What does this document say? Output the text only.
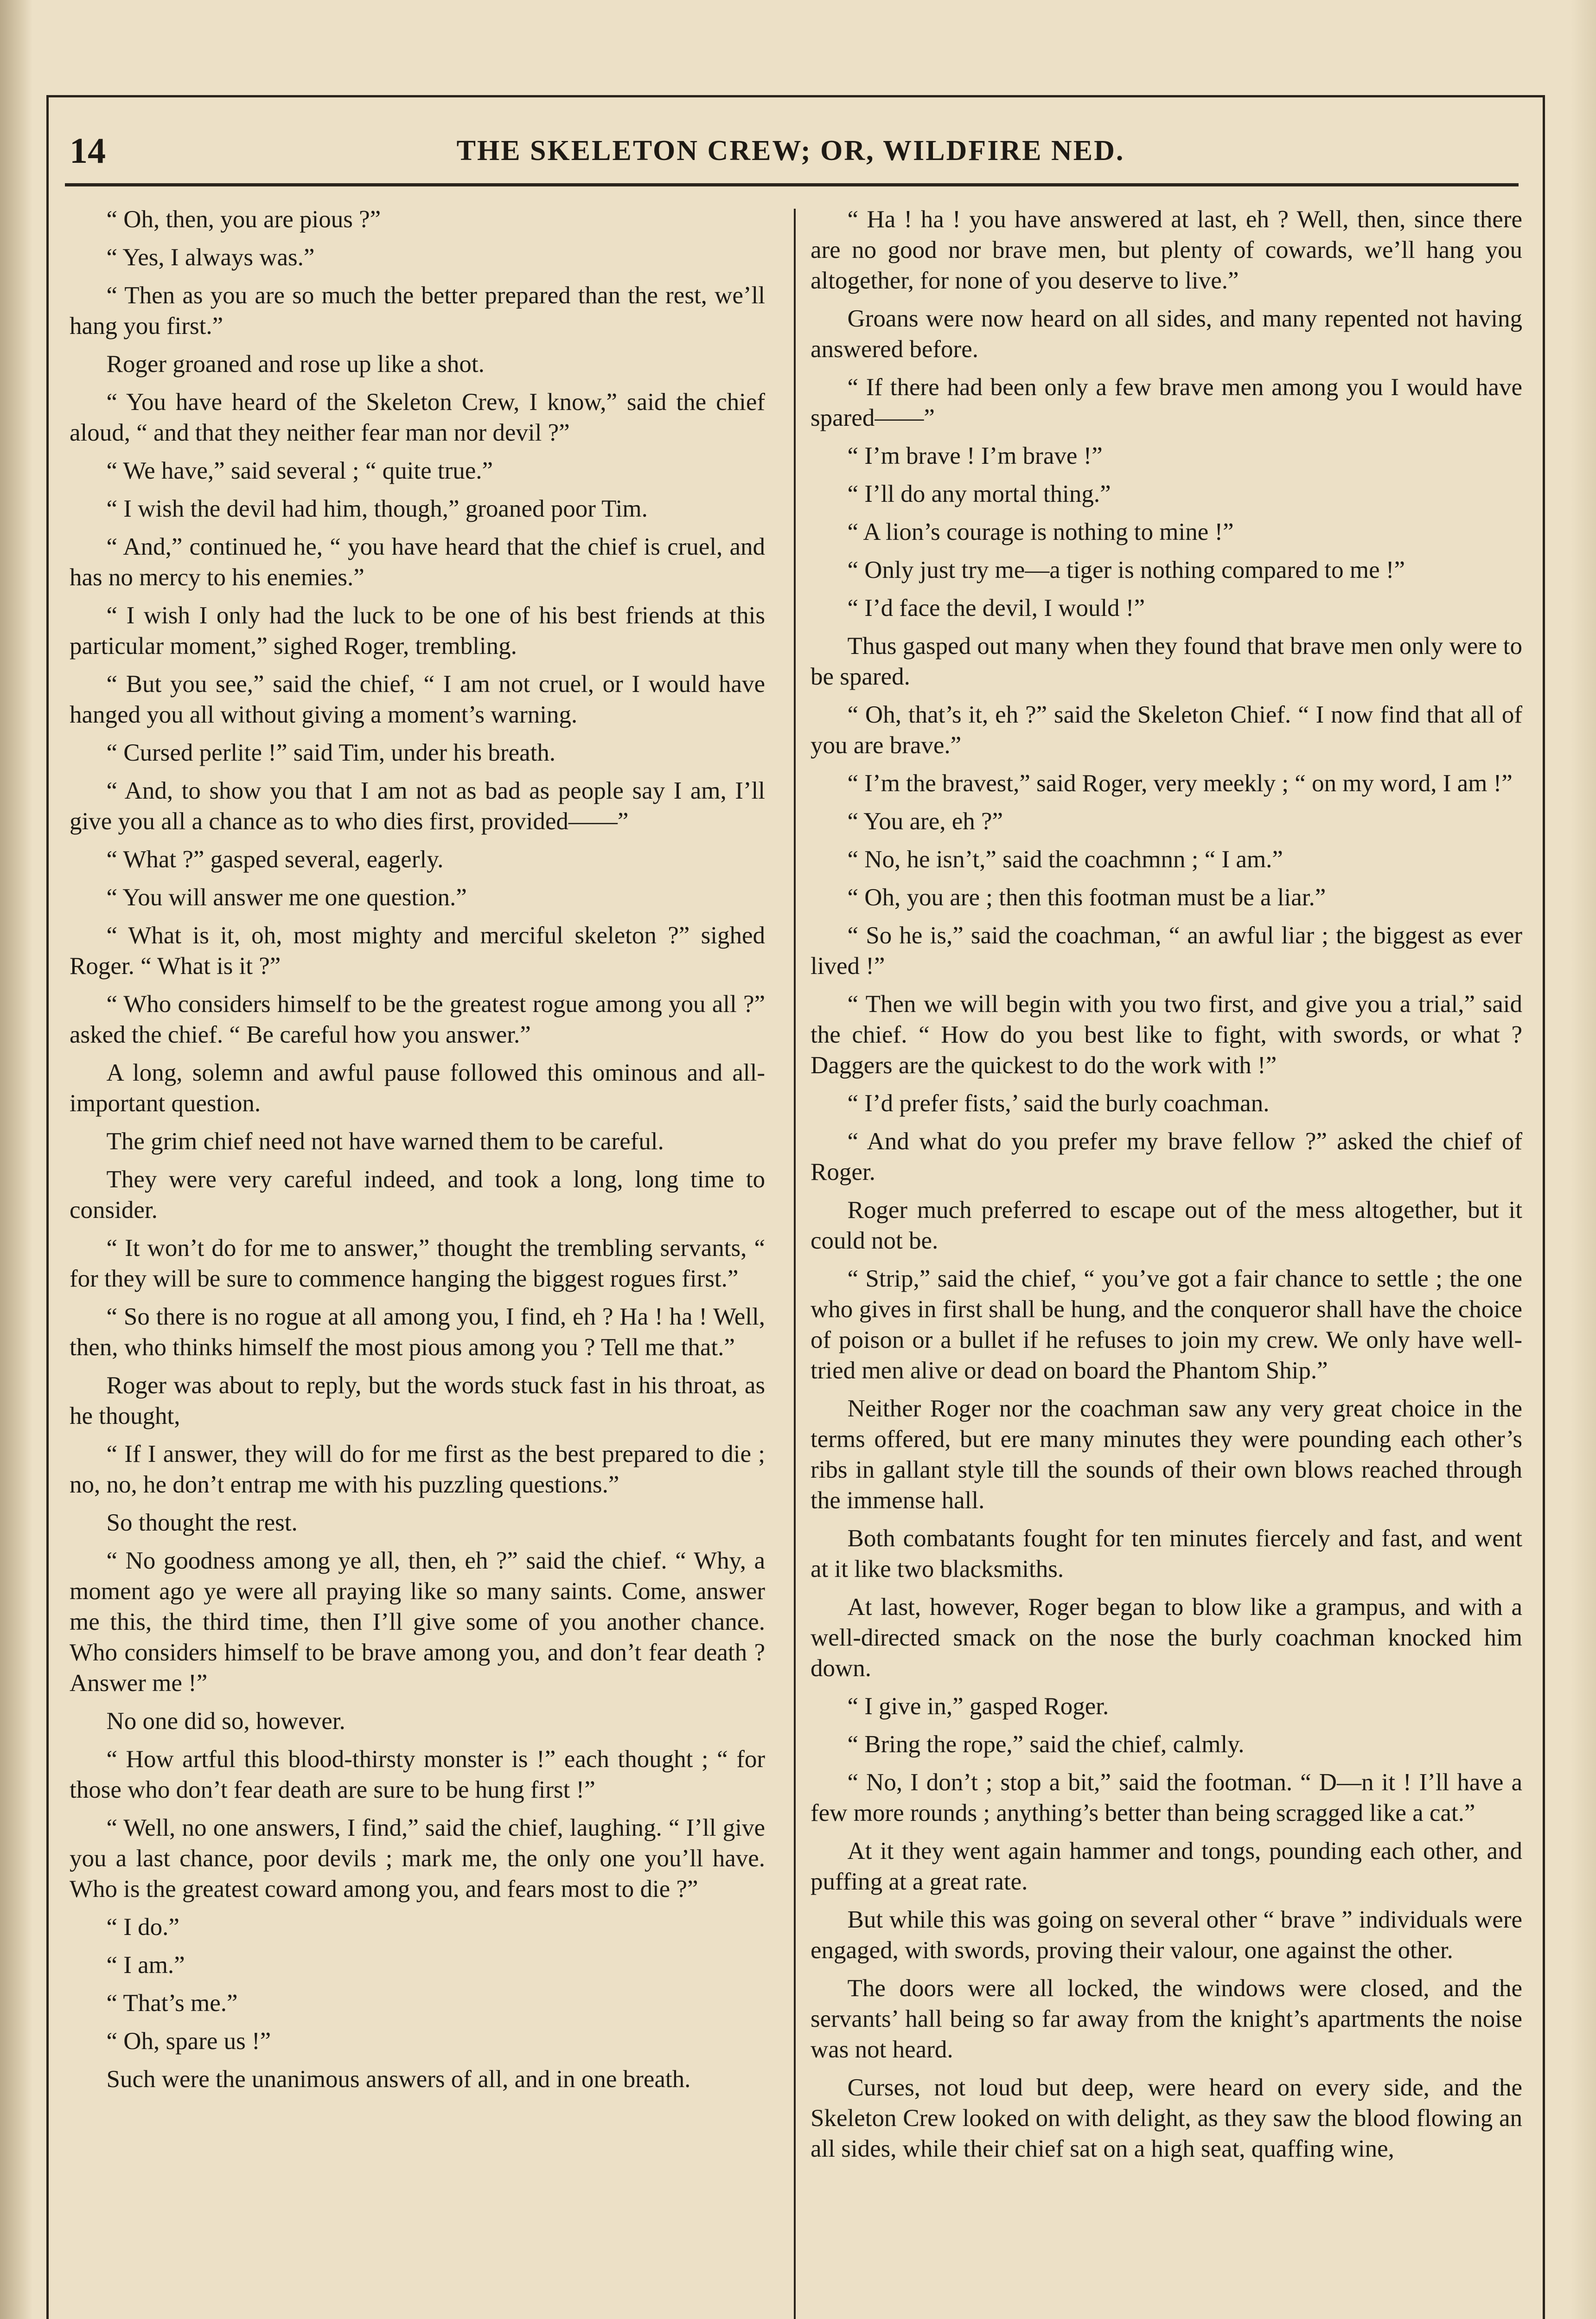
14	THE SKELETON CREW; OR, WILDFIRE NED.

“ Oh, then, you are pious ?”

“ Yes, I always was.”

“ Then as you are so much the better prepared than the rest, we’ll hang you first.”

Roger groaned and rose up like a shot.

“ You have heard of the Skeleton Crew, I know,” said the chief aloud, “ and that they neither fear man nor devil ?”

“ We have,” said several ; “ quite true.”

“ I wish the devil had him, though,” groaned poor Tim.

“ And,” continued he, “ you have heard that the chief is cruel, and has no mercy to his enemies.”

“ I wish I only had the luck to be one of his best friends at this particular moment,” sighed Roger, trembling.

“ But you see,” said the chief, “ I am not cruel, or I would have hanged you all without giving a moment’s warning.

“ Cursed perlite !” said Tim, under his breath.

“ And, to show you that I am not as bad as people say I am, I’ll give you all a chance as to who dies first, provided——”

“ What ?” gasped several, eagerly.

“ You will answer me one question.”

“ What is it, oh, most mighty and merciful skeleton ?” sighed Roger. “ What is it ?”

“ Who considers himself to be the greatest rogue among you all ?” asked the chief. “ Be careful how you answer.”

A long, solemn and awful pause followed this ominous and all-important question.

The grim chief need not have warned them to be careful.

They were very careful indeed, and took a long, long time to consider.

“ It won’t do for me to answer,” thought the trembling servants, “ for they will be sure to commence hanging the biggest rogues first.”

“ So there is no rogue at all among you, I find, eh ? Ha ! ha ! Well, then, who thinks himself the most pious among you ? Tell me that.”

Roger was about to reply, but the words stuck fast in his throat, as he thought,

“ If I answer, they will do for me first as the best prepared to die ; no, no, he don’t entrap me with his puzzling questions.”

So thought the rest.

“ No goodness among ye all, then, eh ?” said the chief. “ Why, a moment ago ye were all praying like so many saints. Come, answer me this, the third time, then I’ll give some of you another chance. Who considers himself to be brave among you, and don’t fear death ? Answer me !”

No one did so, however.

“ How artful this blood-thirsty monster is !” each thought ; “ for those who don’t fear death are sure to be hung first !”

“ Well, no one answers, I find,” said the chief, laughing. “ I’ll give you a last chance, poor devils ; mark me, the only one you’ll have. Who is the greatest coward among you, and fears most to die ?”

“ I do.”

“ I am.”

“ That’s me.”

“ Oh, spare us !”

Such were the unanimous answers of all, and in one breath.

“ Ha ! ha ! you have answered at last, eh ? Well, then, since there are no good nor brave men, but plenty of cowards, we’ll hang you altogether, for none of you deserve to live.”

Groans were now heard on all sides, and many repented not having answered before.

“ If there had been only a few brave men among you I would have spared——”

“ I’m brave ! I’m brave !”

“ I’ll do any mortal thing.”

“ A lion’s courage is nothing to mine !”

“ Only just try me—a tiger is nothing compared to me !”

“ I’d face the devil, I would !”

Thus gasped out many when they found that brave men only were to be spared.

“ Oh, that’s it, eh ?” said the Skeleton Chief. “ I now find that all of you are brave.”

“ I’m the bravest,” said Roger, very meekly ; “ on my word, I am !”

“ You are, eh ?”

“ No, he isn’t,” said the coachmnn ; “ I am.”

“ Oh, you are ; then this footman must be a liar.”

“ So he is,” said the coachman, “ an awful liar ; the biggest as ever lived !”

“ Then we will begin with you two first, and give you a trial,” said the chief. “ How do you best like to fight, with swords, or what ? Daggers are the quickest to do the work with !”

“ I’d prefer fists,’ said the burly coachman.

“ And what do you prefer my brave fellow ?” asked the chief of Roger.

Roger much preferred to escape out of the mess altogether, but it could not be.

“ Strip,” said the chief, “ you’ve got a fair chance to settle ; the one who gives in first shall be hung, and the conqueror shall have the choice of poison or a bullet if he refuses to join my crew. We only have well-tried men alive or dead on board the Phantom Ship.”

Neither Roger nor the coachman saw any very great choice in the terms offered, but ere many minutes they were pounding each other’s ribs in gallant style till the sounds of their own blows reached through the immense hall.

Both combatants fought for ten minutes fiercely and fast, and went at it like two blacksmiths.

At last, however, Roger began to blow like a grampus, and with a well-directed smack on the nose the burly coachman knocked him down.

“ I give in,” gasped Roger.

“ Bring the rope,” said the chief, calmly.

“ No, I don’t ; stop a bit,” said the footman. “ D—n it ! I’ll have a few more rounds ; anything’s better than being scragged like a cat.”

At it they went again hammer and tongs, pounding each other, and puffing at a great rate.

But while this was going on several other “ brave ” individuals were engaged, with swords, proving their valour, one against the other.

The doors were all locked, the windows were closed, and the servants’ hall being so far away from the knight’s apartments the noise was not heard.

Curses, not loud but deep, were heard on every side, and the Skeleton Crew looked on with delight, as they saw the blood flowing an all sides, while their chief sat on a high seat, quaffing wine,
